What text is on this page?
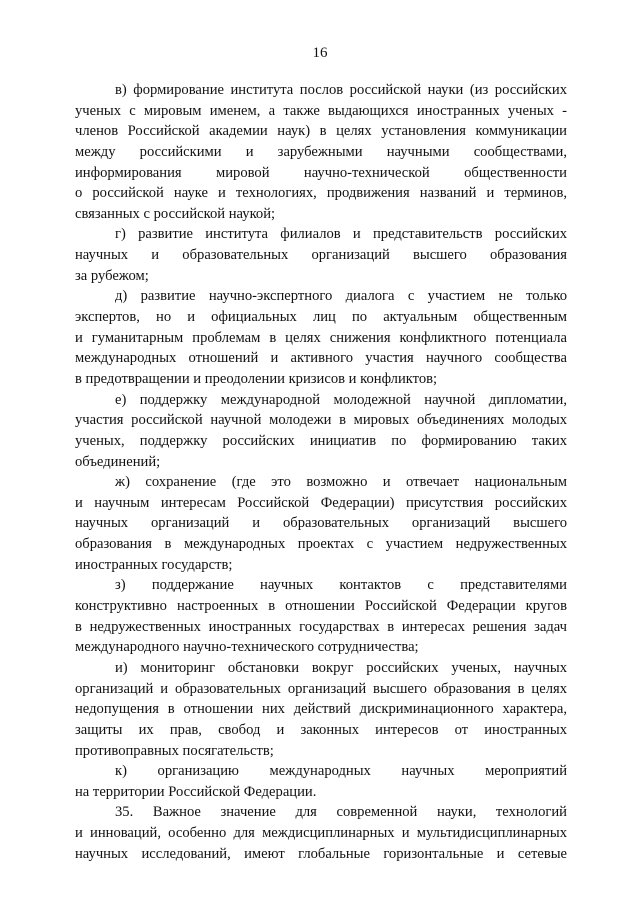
16
в) формирование института послов российской науки (из российских
ученых с мировым именем, а также выдающихся иностранных ученых -
членов Российской академии наук) в целях установления коммуникации
между российскими и зарубежными научными сообществами,
информирования мировой научно-технической общественности
о российской науке и технологиях, продвижения названий и терминов,
связанных с российской наукой;
г) развитие института филиалов и представительств российских
научных и образовательных организаций высшего образования
за рубежом;
д) развитие научно-экспертного диалога с участием не только
экспертов, но и официальных лиц по актуальным общественным
и гуманитарным проблемам в целях снижения конфликтного потенциала
международных отношений и активного участия научного сообщества
в предотвращении и преодолении кризисов и конфликтов;
е) поддержку международной молодежной научной дипломатии,
участия российской научной молодежи в мировых объединениях молодых
ученых, поддержку российских инициатив по формированию таких
объединений;
ж) сохранение (где это возможно и отвечает национальным
и научным интересам Российской Федерации) присутствия российских
научных организаций и образовательных организаций высшего
образования в международных проектах с участием недружественных
иностранных государств;
з) поддержание научных контактов с представителями
конструктивно настроенных в отношении Российской Федерации кругов
в недружественных иностранных государствах в интересах решения задач
международного научно-технического сотрудничества;
и) мониторинг обстановки вокруг российских ученых, научных
организаций и образовательных организаций высшего образования в целях
недопущения в отношении них действий дискриминационного характера,
защиты их прав, свобод и законных интересов от иностранных
противоправных посягательств;
к) организацию международных научных мероприятий
на территории Российской Федерации.
35. Важное значение для современной науки, технологий
и инноваций, особенно для междисциплинарных и мультидисциплинарных
научных исследований, имеют глобальные горизонтальные и сетевые
